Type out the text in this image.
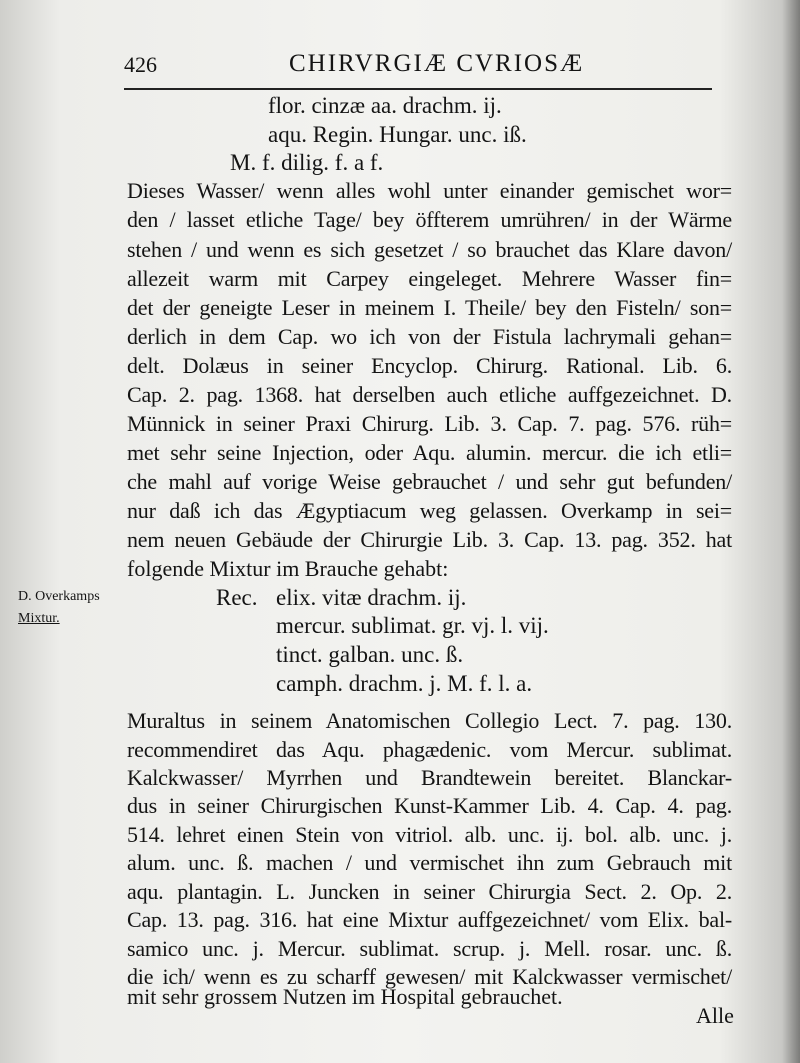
426	CHIRVRGIÆ CVRIOSÆ
flor. cinzæ aa. drachm. ij.
aqu. Regin. Hungar. unc. iß.
M. f. dilig. f. a f.
Dieses Wasser/ wenn alles wohl unter einander gemischet wor=
den / lasset etliche Tage/ bey öffterem umrühren/ in der Wärme
stehen / und wenn es sich gesetzet / so brauchet das Klare davon/
allezeit warm mit Carpey eingeleget. Mehrere Wasser fin=
det der geneigte Leser in meinem I. Theile/ bey den Fisteln/ son=
derlich in dem Cap. wo ich von der Fistula lachrymali gehan=
delt. Dolæus in seiner Encyclop. Chirurg. Rational. Lib. 6.
Cap. 2. pag. 1368. hat derselben auch etliche auffgezeichnet. D.
Münnick in seiner Praxi Chirurg. Lib. 3. Cap. 7. pag. 576. rüh=
met sehr seine Injection, oder Aqu. alumin. mercur. die ich etli=
che mahl auf vorige Weise gebrauchet / und sehr gut befunden/
nur daß ich das Ægyptiacum weg gelassen. Overkamp in sei=
nem neuen Gebäude der Chirurgie Lib. 3. Cap. 13. pag. 352. hat
folgende Mixtur im Brauche gehabt:
D. Overkamps
Mixtur.
Rec. elix. vitæ drachm. ij.
mercur. sublimat. gr. vj. l. vij.
tinct. galban. unc. ß.
camph. drachm. j. M. f. l. a.
Muraltus in seinem Anatomischen Collegio Lect. 7. pag. 130.
recommendiret das Aqu. phagædenic. vom Mercur. sublimat.
Kalckwasser/ Myrrhen und Brandtewein bereitet. Blanckar-
dus in seiner Chirurgischen Kunst-Kammer Lib. 4. Cap. 4. pag.
514. lehret einen Stein von vitriol. alb. unc. ij. bol. alb. unc. j.
alum. unc. ß. machen / und vermischet ihn zum Gebrauch mit
aqu. plantagin. L. Juncken in seiner Chirurgia Sect. 2. Op. 2.
Cap. 13. pag. 316. hat eine Mixtur auffgezeichnet/ vom Elix. bal-
samico unc. j. Mercur. sublimat. scrup. j. Mell. rosar. unc. ß.
die ich/ wenn es zu scharff gewesen/ mit Kalckwasser vermischet/
mit sehr grossem Nutzen im Hospital gebrauchet.
Alle
